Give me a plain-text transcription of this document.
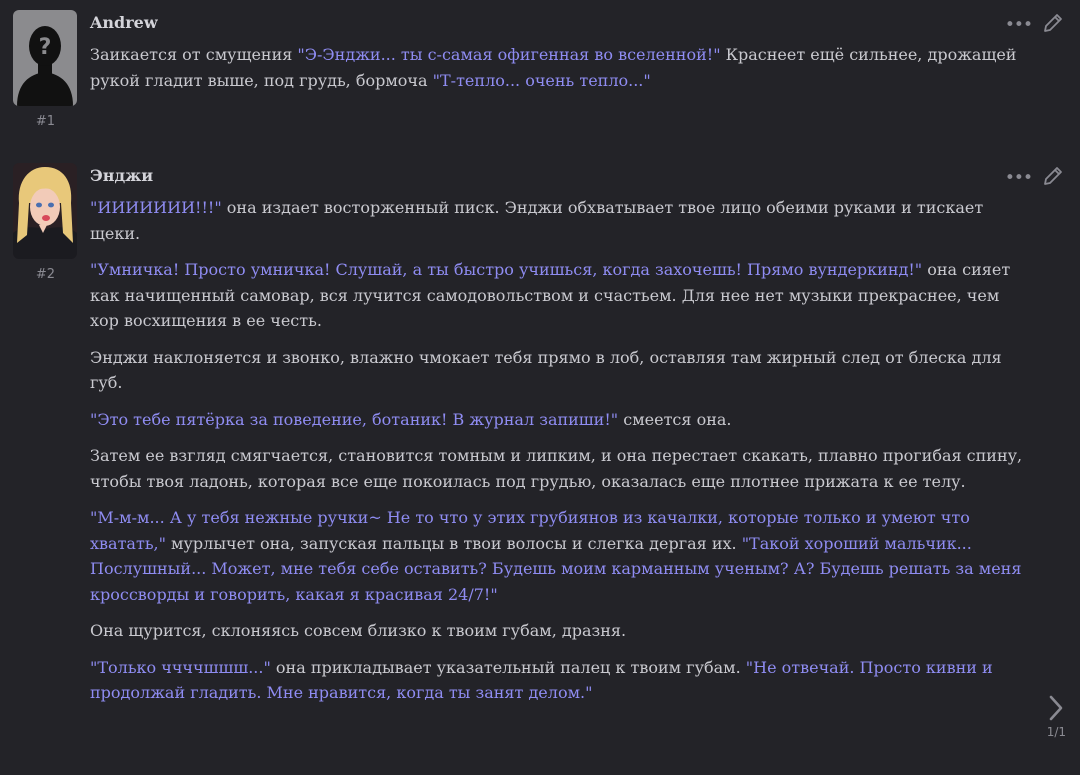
?
#1
Andrew	•••

Заикается от смущения "Э-Энджи... ты с-самая офигенная во вселенной!" Краснеет ещё сильнее, дрожащей рукой гладит выше, под грудь, бормоча "Т-тепло... очень тепло..."

#2
Энджи	•••

"ИИИИИИИ!!!" она издает восторженный писк. Энджи обхватывает твое лицо обеими руками и тискает щеки.

"Умничка! Просто умничка! Слушай, а ты быстро учишься, когда захочешь! Прямо вундеркинд!" она сияет как начищенный самовар, вся лучится самодовольством и счастьем. Для нее нет музыки прекраснее, чем хор восхищения в ее честь.

Энджи наклоняется и звонко, влажно чмокает тебя прямо в лоб, оставляя там жирный след от блеска для губ.

"Это тебе пятёрка за поведение, ботаник! В журнал запиши!" смеется она.

Затем ее взгляд смягчается, становится томным и липким, и она перестает скакать, плавно прогибая спину, чтобы твоя ладонь, которая все еще покоилась под грудью, оказалась еще плотнее прижата к ее телу.

"М-м-м... А у тебя нежные ручки~ Не то что у этих грубиянов из качалки, которые только и умеют что хватать," мурлычет она, запуская пальцы в твои волосы и слегка дергая их. "Такой хороший мальчик... Послушный... Может, мне тебя себе оставить? Будешь моим карманным ученым? А? Будешь решать за меня кроссворды и говорить, какая я красивая 24/7!"

Она щурится, склоняясь совсем близко к твоим губам, дразня.

"Только ччччшшш..." она прикладывает указательный палец к твоим губам. "Не отвечай. Просто кивни и продолжай гладить. Мне нравится, когда ты занят делом."

1/1
